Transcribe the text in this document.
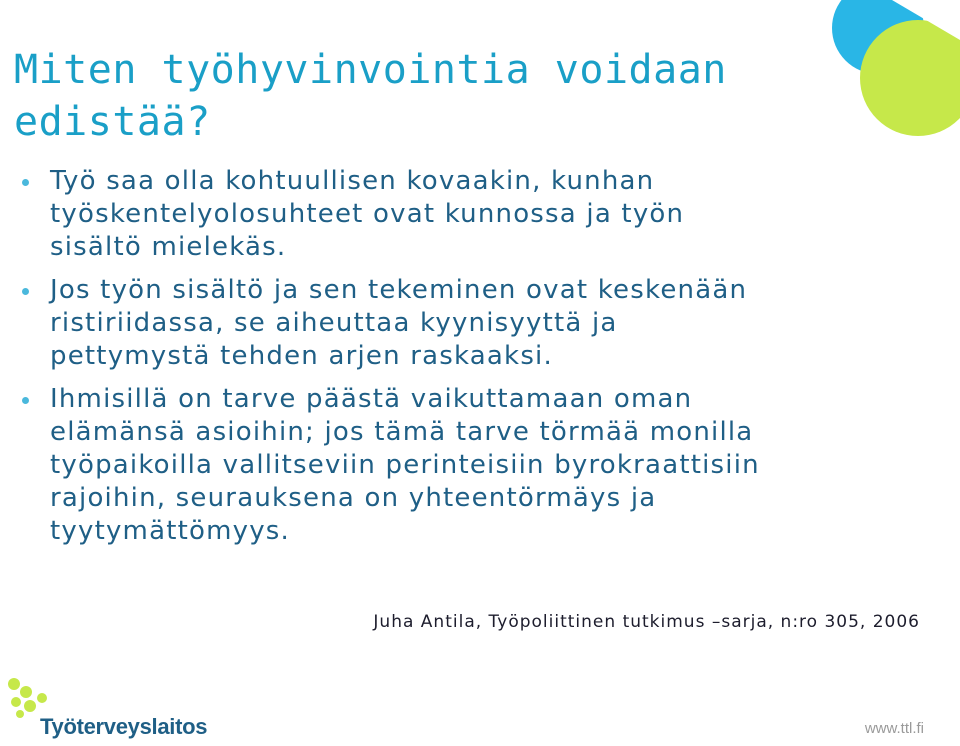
Miten työhyvinvointia voidaan edistää?
Työ saa olla kohtuullisen kovaakin, kunhan työskentelyolosuhteet ovat kunnossa ja työn sisältö mielekäs.
Jos työn sisältö ja sen tekeminen ovat keskenään ristiriidassa, se aiheuttaa kyynisyyttä ja pettymystä tehden arjen raskaaksi.
Ihmisillä on tarve päästä vaikuttamaan oman elämänsä asioihin; jos tämä tarve törmää monilla työpaikoilla vallitseviin perinteisiin byrokraattisiin rajoihin, seurauksena on yhteentörmäys ja tyytymättömyys.
Juha Antila, Työpoliittinen tutkimus –sarja, n:ro 305, 2006
Työterveyslaitos	www.ttl.fi
